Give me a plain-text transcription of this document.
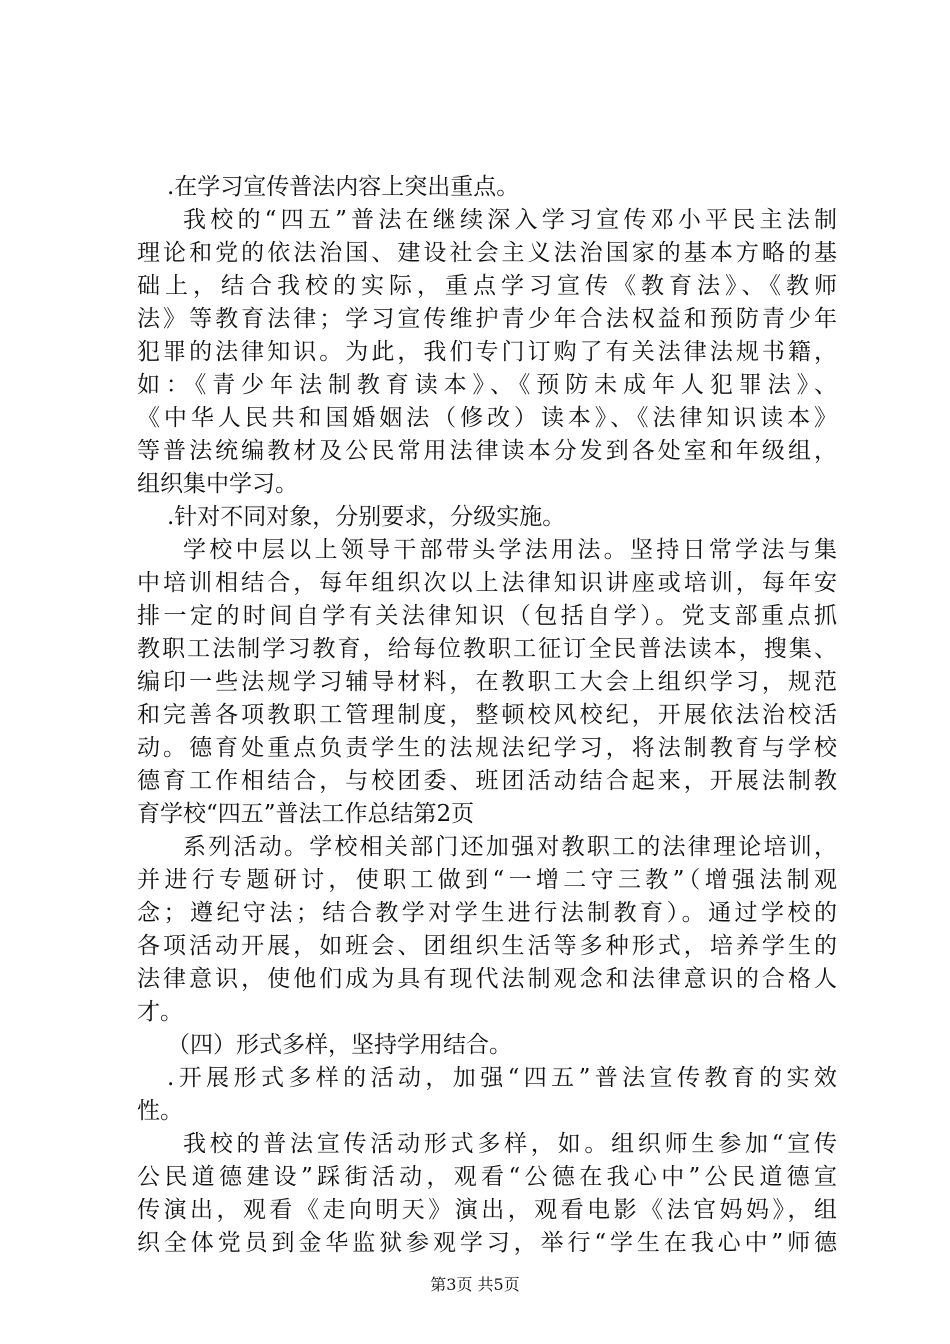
.在学习宣传普法内容上突出重点。
我校的“四五”普法在继续深入学习宣传邓小平民主法制
理论和党的依法治国、建设社会主义法治国家的基本方略的基
础上，结合我校的实际，重点学习宣传《教育法》、《教师
法》等教育法律；学习宣传维护青少年合法权益和预防青少年
犯罪的法律知识。为此，我们专门订购了有关法律法规书籍，
如：《青少年法制教育读本》、《预防未成年人犯罪法》、
《中华人民共和国婚姻法（修改）读本》、《法律知识读本》
等普法统编教材及公民常用法律读本分发到各处室和年级组，
组织集中学习。
.针对不同对象，分别要求，分级实施。
学校中层以上领导干部带头学法用法。坚持日常学法与集
中培训相结合，每年组织次以上法律知识讲座或培训，每年安
排一定的时间自学有关法律知识（包括自学）。党支部重点抓
教职工法制学习教育，给每位教职工征订全民普法读本，搜集、
编印一些法规学习辅导材料，在教职工大会上组织学习，规范
和完善各项教职工管理制度，整顿校风校纪，开展依法治校活
动。德育处重点负责学生的法规法纪学习，将法制教育与学校
德育工作相结合，与校团委、班团活动结合起来，开展法制教
育学校“四五”普法工作总结第2页
系列活动。学校相关部门还加强对教职工的法律理论培训，
并进行专题研讨，使职工做到“一增二守三教”（增强法制观
念；遵纪守法；结合教学对学生进行法制教育）。通过学校的
各项活动开展，如班会、团组织生活等多种形式，培养学生的
法律意识，使他们成为具有现代法制观念和法律意识的合格人
才。
（四）形式多样，坚持学用结合。
.开展形式多样的活动，加强“四五”普法宣传教育的实效
性。
我校的普法宣传活动形式多样，如。组织师生参加“宣传
公民道德建设”踩街活动，观看“公德在我心中”公民道德宣
传演出，观看《走向明天》演出，观看电影《法官妈妈》，组
织全体党员到金华监狱参观学习，举行“学生在我心中”师德
第3页 共5页
